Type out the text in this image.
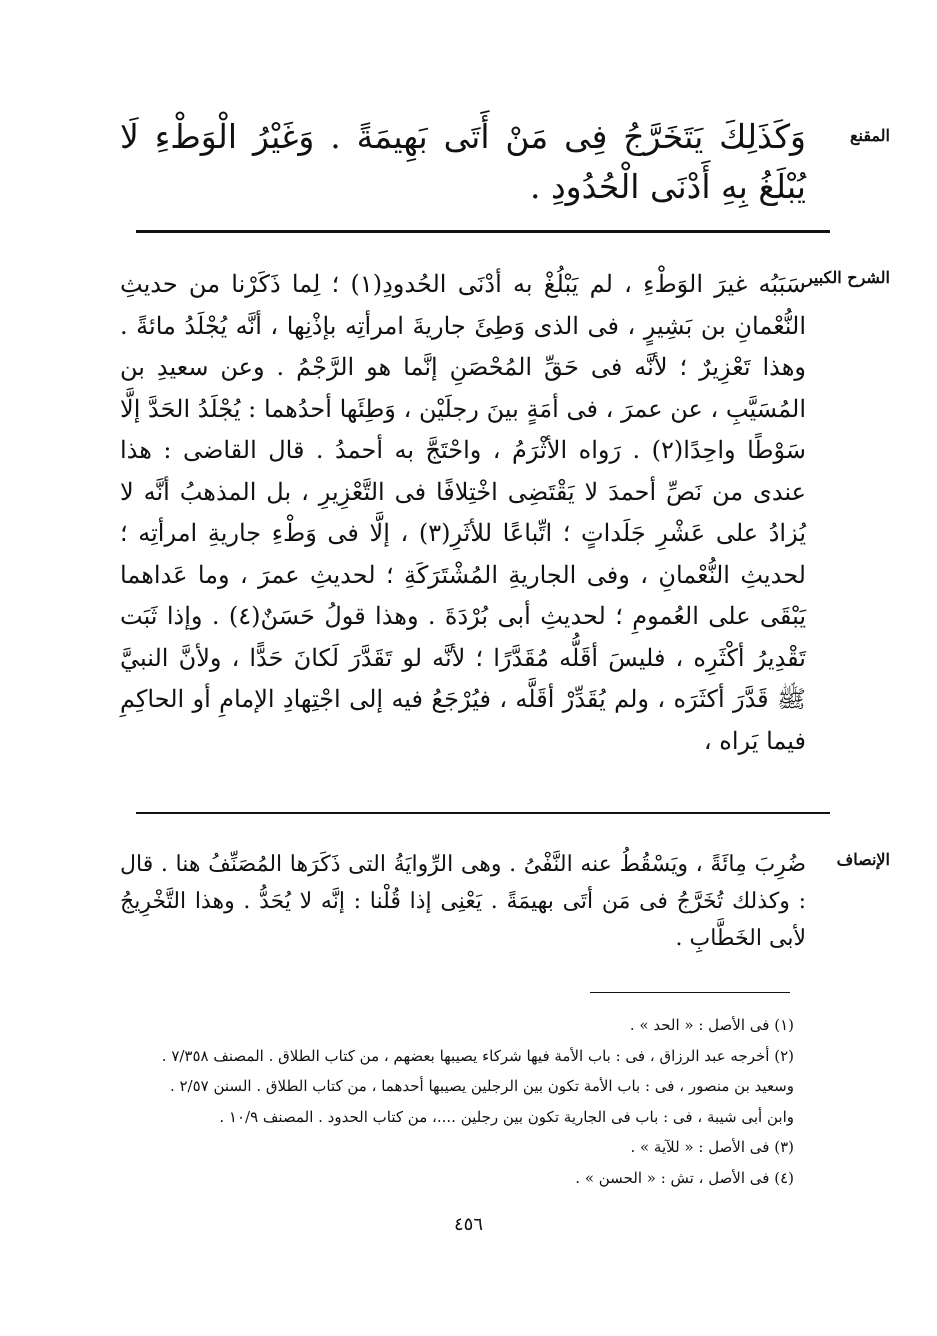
المقنع
وَكَذَلِكَ يَتَخَرَّجُ فِى مَنْ أَتَى بَهِيمَةً . وَغَيْرُ الْوَطْءِ لَا يُبْلَغُ بِهِ أَدْنَى الْحُدُودِ .
الشرح الكبير
سَبَبُه غيرَ الوَطْءِ ، لم يَبْلُغْ به أدْنَى الحُدودِ(١) ؛ لِما ذَكَرْنا من حديثِ النُّعْمانِ بن بَشِيرٍ ، فى الذى وَطِئَ جاريةَ امرأتِه بإذْنِها ، أنَّه يُجْلَدُ مائةً . وهذا تَعْزِيرٌ ؛ لأنَّه فى حَقِّ المُحْصَنِ إنَّما هو الرَّجْمُ . وعن سعيدِ بن المُسَيَّبِ ، عن عمرَ ، فى أمَةٍ بينَ رجلَيْن ، وَطِئَها أحدُهما : يُجْلَدُ الحَدَّ إلَّا سَوْطًا واحِدًا(٢) . رَواه الأثْرَمُ ، واحْتَجَّ به أحمدُ . قال القاضى : هذا عندى من نَصِّ أحمدَ لا يَقْتَضِى اخْتِلافًا فى التَّعْزِيرِ ، بل المذهبُ أنَّه لا يُزادُ على عَشْرِ جَلَداتٍ ؛ اتِّباعًا للأثَرِ(٣) ، إلَّا فى وَطْءِ جاريةِ امرأتِه ؛ لحديثِ النُّعْمانِ ، وفى الجاريةِ المُشْتَرَكَةِ ؛ لحديثِ عمرَ ، وما عَداهما يَبْقَى على العُمومِ ؛ لحديثِ أبى بُرْدَةَ . وهذا قولُ حَسَنٌ(٤) . وإذا ثَبَت تَقْدِيرُ أكْثَرِه ، فليسَ أقَلُّه مُقَدَّرًا ؛ لأنَّه لو تَقَدَّرَ لَكانَ حَدًّا ، ولأنَّ النبيَّ ﷺ قَدَّرَ أكثَرَه ، ولم يُقَدِّرْ أقَلَّه ، فيُرْجَعُ فيه إلى اجْتِهادِ الإمامِ أو الحاكِمِ فيما يَراه ،
الإنصاف
ضُرِبَ مِائَةً ، ويَسْقُطُ عنه النَّفْىُ . وهى الرِّوايَةُ التى ذَكَرَها المُصَنِّفُ هنا . قال : وكذلك تُخَرَّجُ فى مَن أتَى بهيمَةً . يَعْنِى إذا قُلْنا : إنَّه لا يُحَدُّ . وهذا التَّخْرِيجُ لأبى الخَطَّابِ .
(١) فى الأصل : « الحد » .
(٢) أخرجه عبد الرزاق ، فى : باب الأمة فيها شركاء يصيبها بعضهم ، من كتاب الطلاق . المصنف ٧/٣٥٨ .
وسعيد بن منصور ، فى : باب الأمة تكون بين الرجلين يصيبها أحدهما ، من كتاب الطلاق . السنن ٢/٥٧ .
وابن أبى شيبة ، فى : باب فى الجارية تكون بين رجلين ....، من كتاب الحدود . المصنف ١٠/٩ .
(٣) فى الأصل : « للآية » .
(٤) فى الأصل ، تش : « الحسن » .
٤٥٦
